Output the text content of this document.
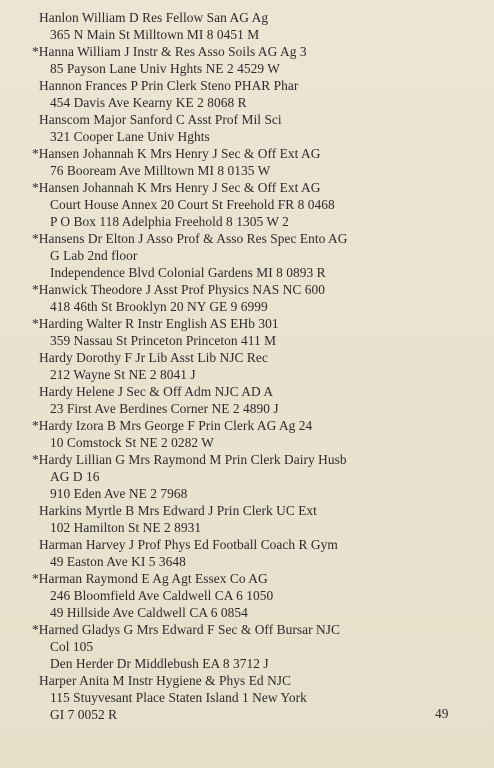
Hanlon William D Res Fellow San AG Ag
365 N Main St Milltown MI 8 0451 M
*Hanna William J Instr & Res Asso Soils AG Ag 3
85 Payson Lane Univ Hghts NE 2 4529 W
Hannon Frances P Prin Clerk Steno PHAR Phar
454 Davis Ave Kearny KE 2 8068 R
Hanscom Major Sanford C Asst Prof Mil Sci
321 Cooper Lane Univ Hghts
*Hansen Johannah K Mrs Henry J Sec & Off Ext AG
76 Booream Ave Milltown MI 8 0135 W
*Hansen Johannah K Mrs Henry J Sec & Off Ext AG
Court House Annex 20 Court St Freehold FR 8 0468
P O Box 118 Adelphia Freehold 8 1305 W 2
*Hansens Dr Elton J Asso Prof & Asso Res Spec Ento AG
G Lab 2nd floor
Independence Blvd Colonial Gardens MI 8 0893 R
*Hanwick Theodore J Asst Prof Physics NAS NC 600
418 46th St Brooklyn 20 NY GE 9 6999
*Harding Walter R Instr English AS EHb 301
359 Nassau St Princeton Princeton 411 M
Hardy Dorothy F Jr Lib Asst Lib NJC Rec
212 Wayne St NE 2 8041 J
Hardy Helene J Sec & Off Adm NJC AD A
23 First Ave Berdines Corner NE 2 4890 J
*Hardy Izora B Mrs George F Prin Clerk AG Ag 24
10 Comstock St NE 2 0282 W
*Hardy Lillian G Mrs Raymond M Prin Clerk Dairy Husb
AG D 16
910 Eden Ave NE 2 7968
Harkins Myrtle B Mrs Edward J Prin Clerk UC Ext
102 Hamilton St NE 2 8931
Harman Harvey J Prof Phys Ed Football Coach R Gym
49 Easton Ave KI 5 3648
*Harman Raymond E Ag Agt Essex Co AG
246 Bloomfield Ave Caldwell CA 6 1050
49 Hillside Ave Caldwell CA 6 0854
*Harned Gladys G Mrs Edward F Sec & Off Bursar NJC
Col 105
Den Herder Dr Middlebush EA 8 3712 J
Harper Anita M Instr Hygiene & Phys Ed NJC
115 Stuyvesant Place Staten Island 1 New York
GI 7 0052 R	49
